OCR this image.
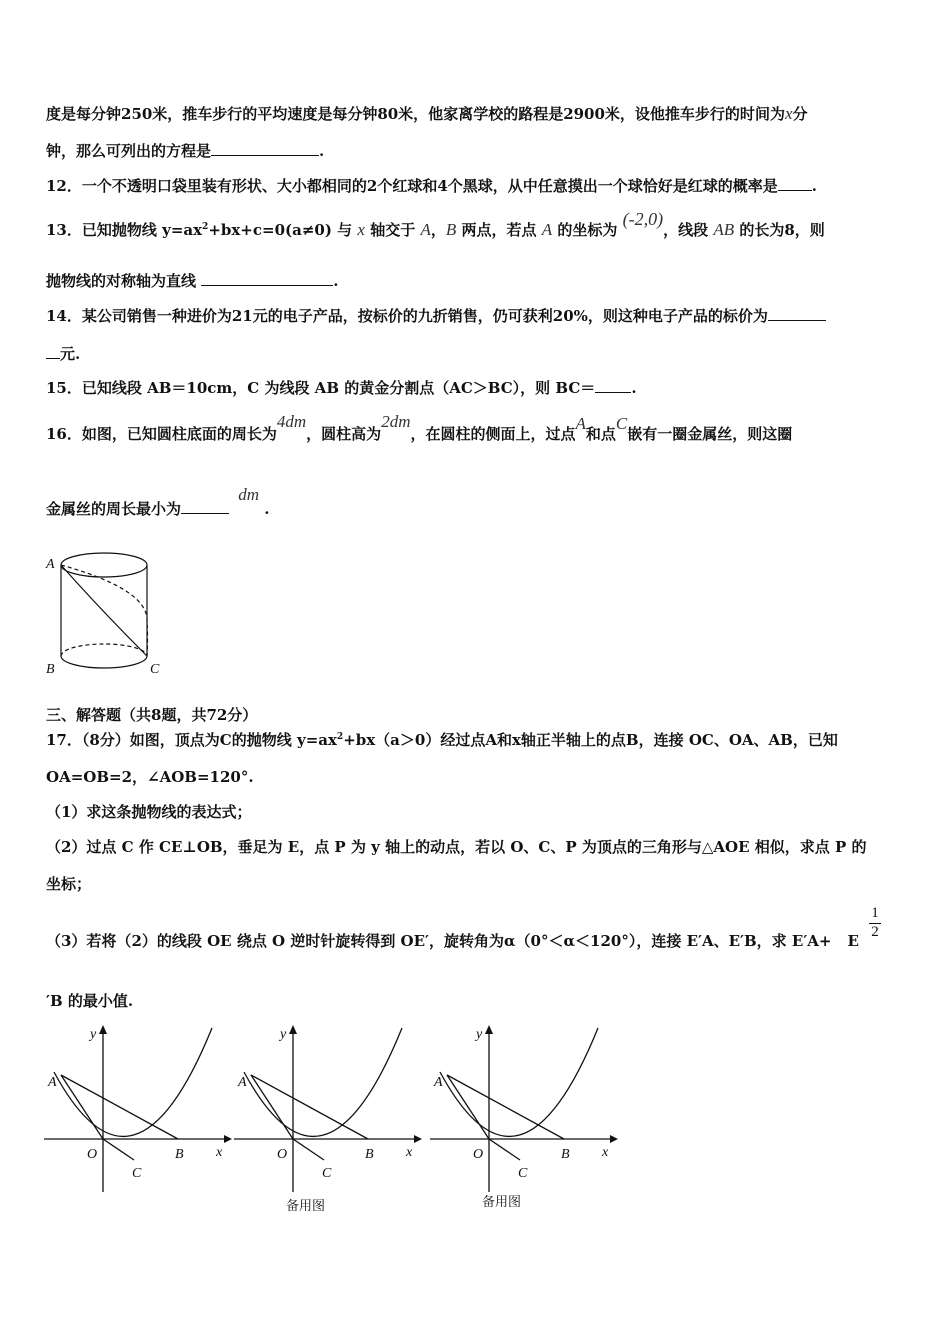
度是每分钟250米，推车步行的平均速度是每分钟80米，他家离学校的路程是2900米，设他推车步行的时间为x分
钟，那么可列出的方程是	.
12．一个不透明口袋里装有形状、大小都相同的2个红球和4个黑球，从中任意摸出一个球恰好是红球的概率是 .
13．已知抛物线 $y=ax^2+bx+c=0(a\ne 0)$ 与 x 轴交于 A，B 两点，若点 A 的坐标为 (-2,0)，线段 AB 的长为8，则
抛物线的对称轴为直线	.
14．某公司销售一种进价为21元的电子产品，按标价的九折销售，仍可获利20%，则这种电子产品的标价为
元.
15．已知线段 AB＝10cm，C 为线段 AB 的黄金分割点（AC＞BC），则 BC＝ .
16．如图，已知圆柱底面的周长为4dm，圆柱高为2dm，在圆柱的侧面上，过点A和点C嵌有一圈金属丝，则这圈
金属丝的周长最小为 dm .
A
B	C
三、解答题（共8题，共72分）
17．（8分）如图，顶点为C的抛物线 $y=ax^2+bx(a>0)$经过点A和x轴正半轴上的点B，连接 OC、OA、AB，已知
OA=OB=2，∠AOB=120°.
（1）求这条抛物线的表达式；
（2）过点 C 作 CE⊥OB，垂足为 E，点 P 为 y 轴上的动点，若以 O、C、P 为顶点的三角形与△AOE 相似，求点 P 的
坐标；
（3）若将（2）的线段 OE 绕点 O 逆时针旋转得到 OE′，旋转角为α（0°＜α＜120°），连接 E′A、E′B，求 E′A+ E $\frac{1}{2}$
′B 的最小值.
y
x
A
O	B
C
y
x
A
O	B
C
备用图
y
x
A
O	B
C
备用图
